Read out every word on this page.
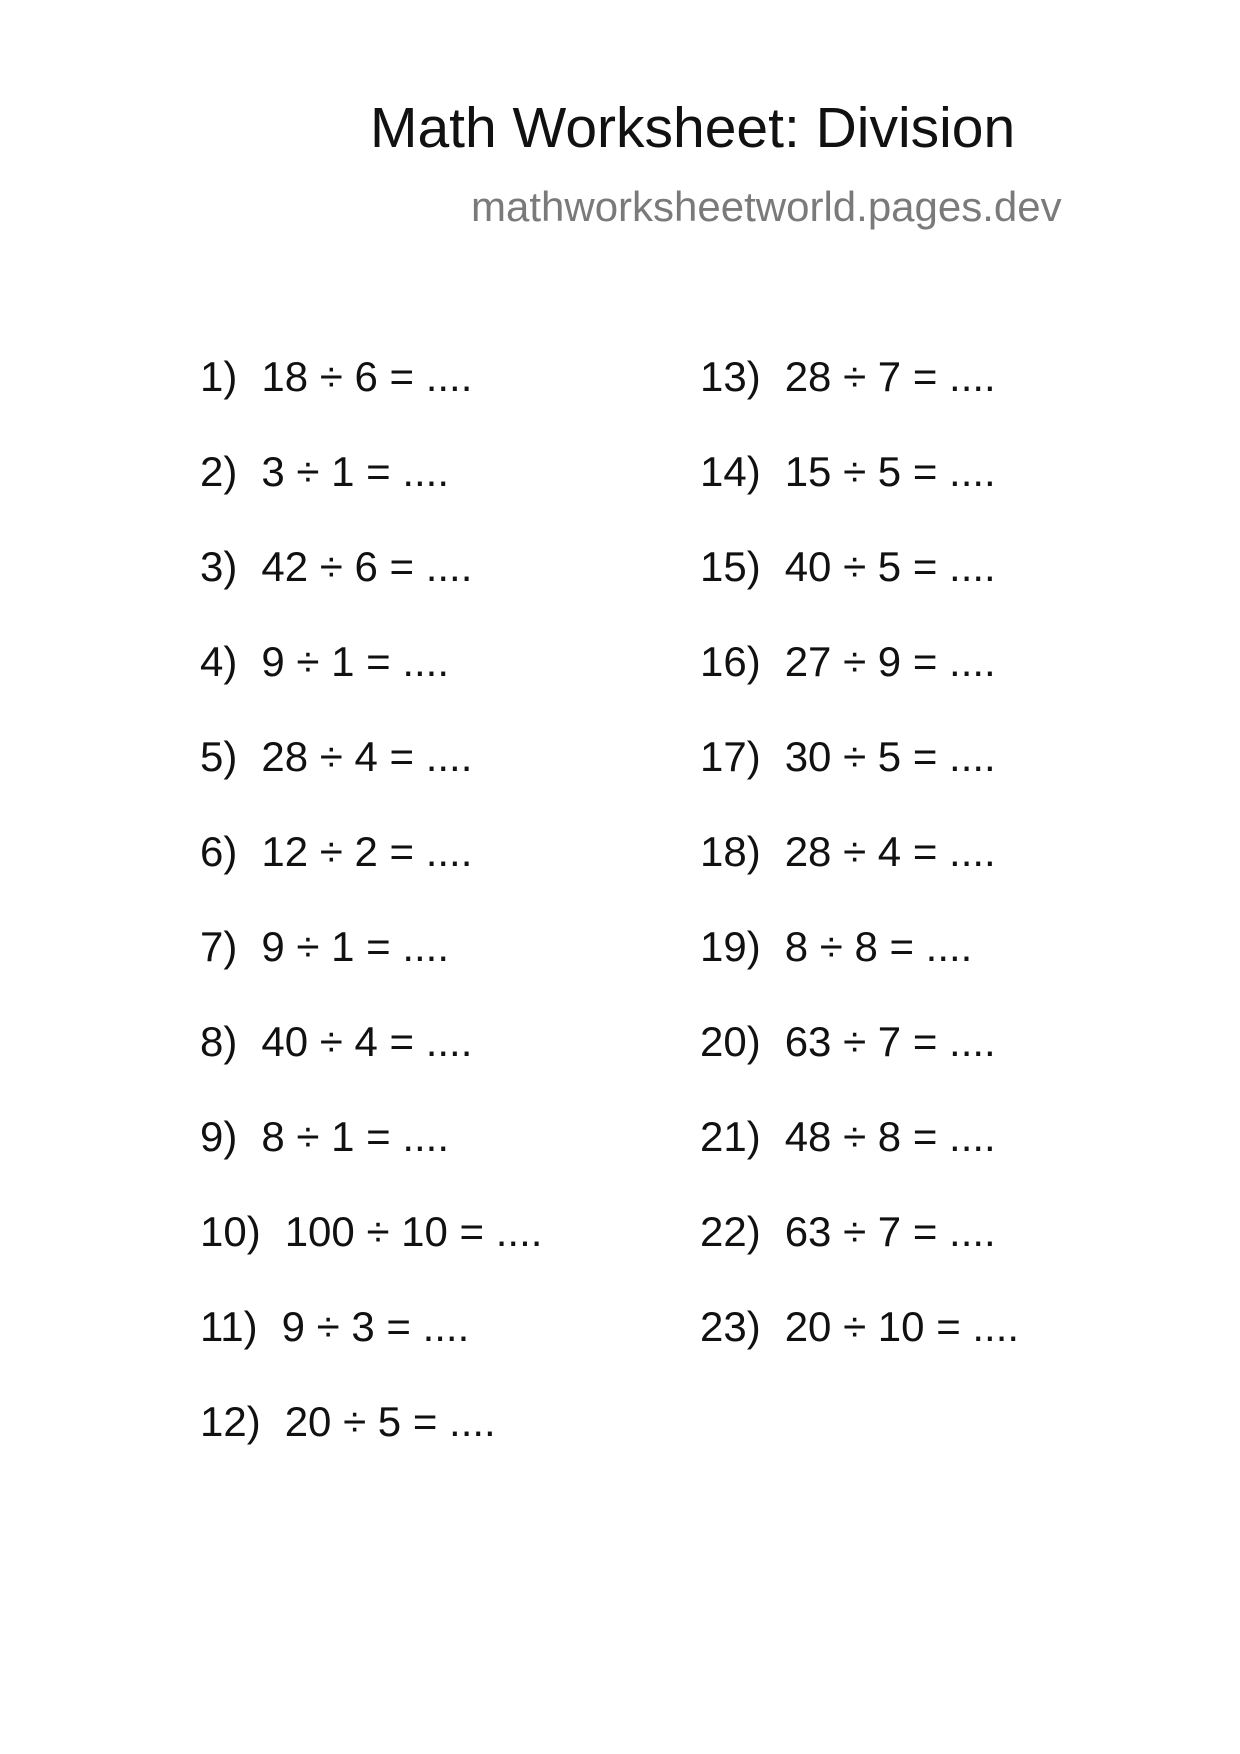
Math Worksheet: Division
mathworksheetworld.pages.dev
1) 18 ÷ 6 = ....
2) 3 ÷ 1 = ....
3) 42 ÷ 6 = ....
4) 9 ÷ 1 = ....
5) 28 ÷ 4 = ....
6) 12 ÷ 2 = ....
7) 9 ÷ 1 = ....
8) 40 ÷ 4 = ....
9) 8 ÷ 1 = ....
10) 100 ÷ 10 = ....
11) 9 ÷ 3 = ....
12) 20 ÷ 5 = ....
13) 28 ÷ 7 = ....
14) 15 ÷ 5 = ....
15) 40 ÷ 5 = ....
16) 27 ÷ 9 = ....
17) 30 ÷ 5 = ....
18) 28 ÷ 4 = ....
19) 8 ÷ 8 = ....
20) 63 ÷ 7 = ....
21) 48 ÷ 8 = ....
22) 63 ÷ 7 = ....
23) 20 ÷ 10 = ....
